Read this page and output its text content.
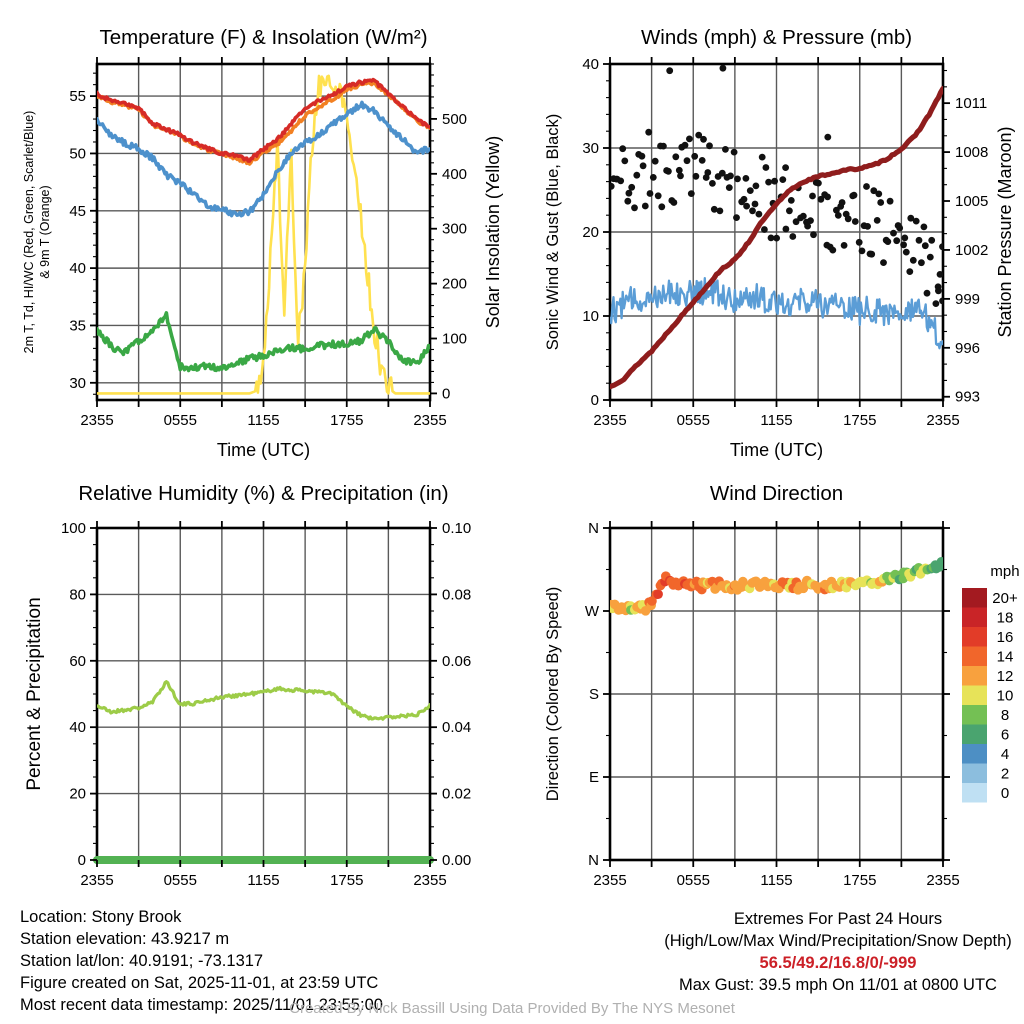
Temperature (F) & Insolation (W/m²)
2355	0555	1155	1755	2355
30
35
40
45
50
55
0
100
200
300
400
500
Time (UTC)
2m T, Td, HI/WC (Red, Green, Scarlet/Blue) & 9m T (Orange)	Solar Insolation (Yellow)
Winds (mph) & Pressure (mb)
2355	0555	1155	1755	2355
0
10
20
30
40
993
996
999
1002
1005
1008
1011
Time (UTC)
Sonic Wind & Gust (Blue, Black)	Station Pressure (Maroon)
Relative Humidity (%) & Precipitation (in)
2355	0555	1155	1755	2355
0
20
40
60
80
100
0.00
0.02
0.04
0.06
0.08
0.10
Percent & Precipitation
Wind Direction
2355	0555	1155	1755	2355
N
W
S
E
N
Direction (Colored By Speed)
mph
20+
18
16
14
12
10
8
6
4
2
0
Location: Stony Brook
Station elevation: 43.9217 m
Station lat/lon: 40.9191; -73.1317
Figure created on Sat, 2025-11-01, at 23:59 UTC
Most recent data timestamp: 2025/11/01 23:55:00
Extremes For Past 24 Hours
(High/Low/Max Wind/Precipitation/Snow Depth)
56.5/49.2/16.8/0/-999
Max Gust: 39.5 mph On 11/01 at 0800 UTC
Created By Nick Bassill Using Data Provided By The NYS Mesonet
